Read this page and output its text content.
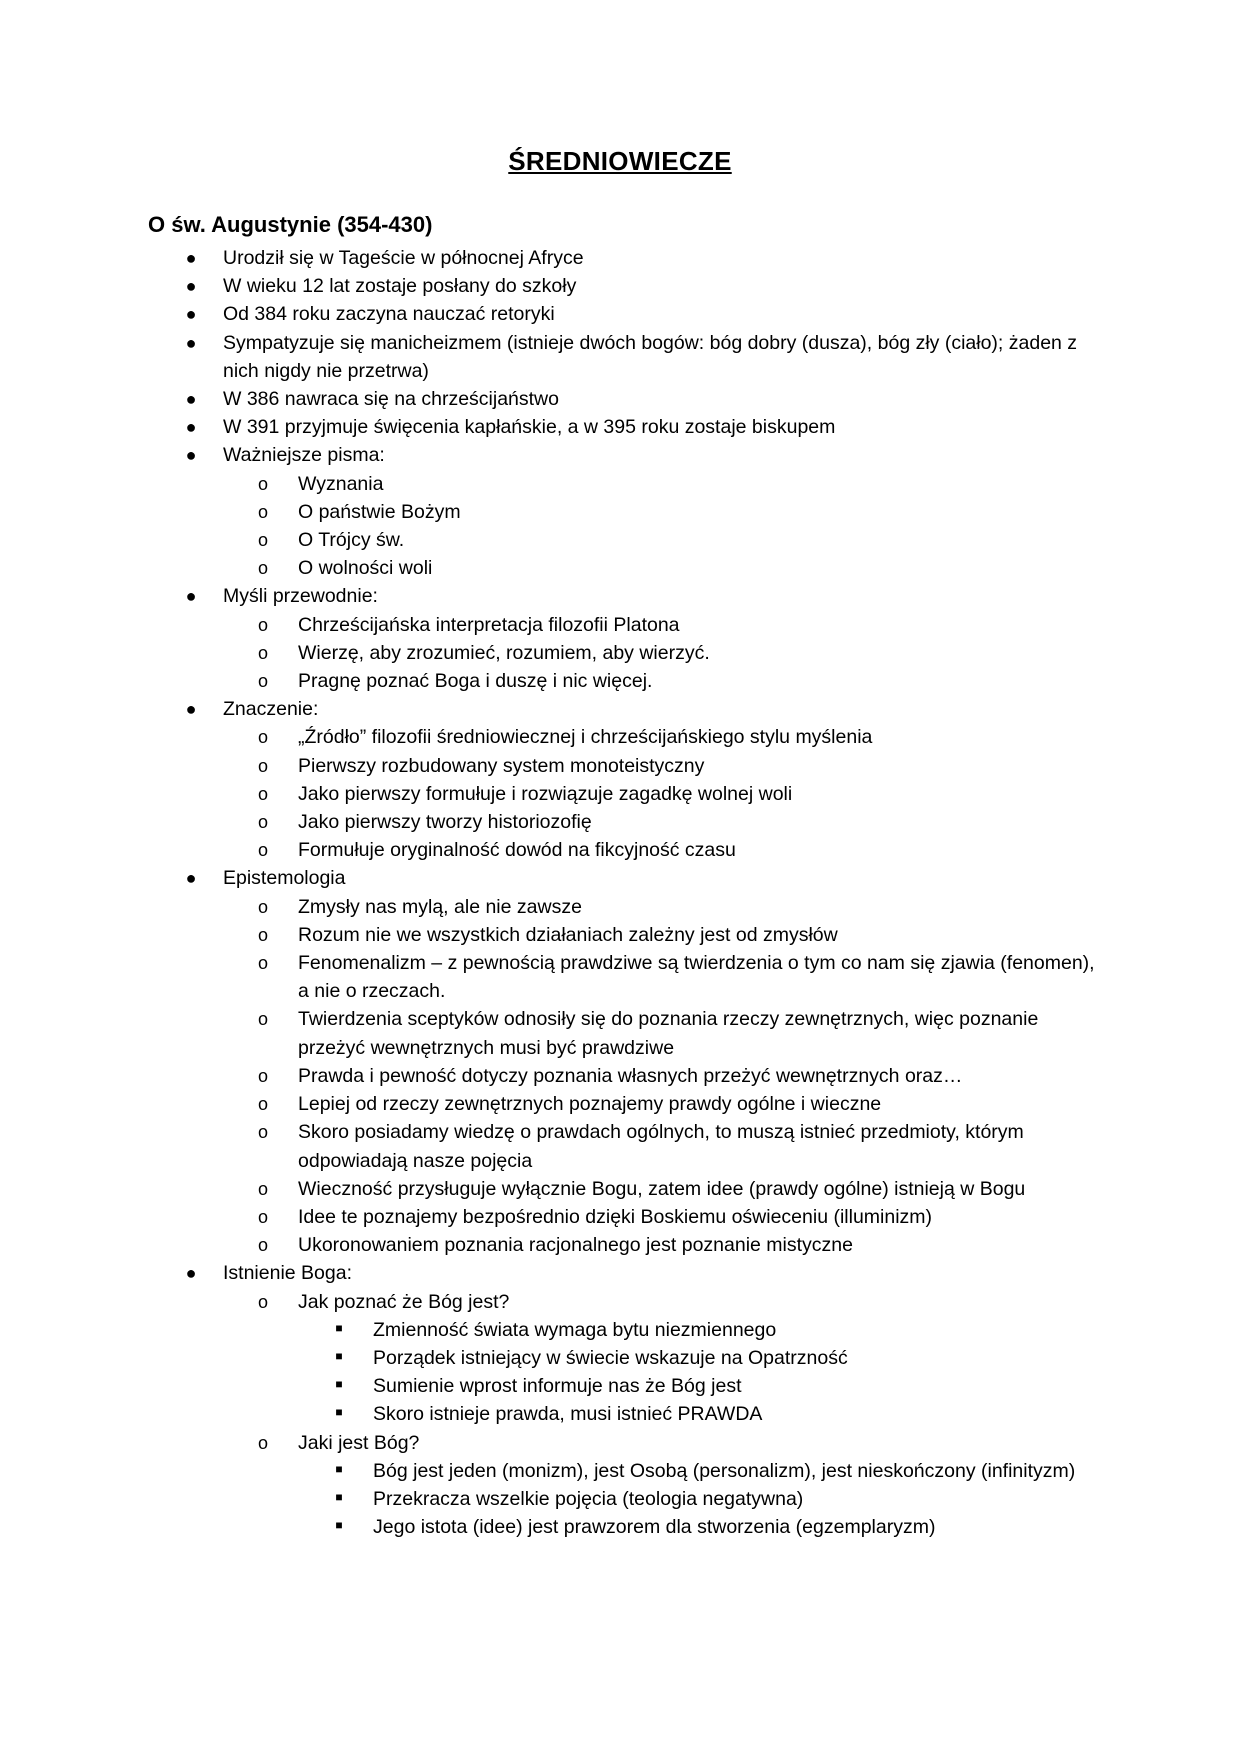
ŚREDNIOWIECZE
O św. Augustynie (354-430)
● Urodził się w Tageście w północnej Afryce
● W wieku 12 lat zostaje posłany do szkoły
● Od 384 roku zaczyna nauczać retoryki
● Sympatyzuje się manicheizmem (istnieje dwóch bogów: bóg dobry (dusza), bóg zły (ciało); żaden z nich nigdy nie przetrwa)
● W 386 nawraca się na chrześcijaństwo
● W 391 przyjmuje święcenia kapłańskie, a w 395 roku zostaje biskupem
● Ważniejsze pisma:
o	Wyznania
o	O państwie Bożym
o	O Trójcy św.
o	O wolności woli
● Myśli przewodnie:
o	Chrześcijańska interpretacja filozofii Platona
o	Wierzę, aby zrozumieć, rozumiem, aby wierzyć.
o	Pragnę poznać Boga i duszę i nic więcej.
● Znaczenie:
o	„Źródło” filozofii średniowiecznej i chrześcijańskiego stylu myślenia
o	Pierwszy rozbudowany system monoteistyczny
o	Jako pierwszy formułuje i rozwiązuje zagadkę wolnej woli
o	Jako pierwszy tworzy historiozofię
o	Formułuje oryginalność dowód na fikcyjność czasu
● Epistemologia
o	Zmysły nas mylą, ale nie zawsze
o	Rozum nie we wszystkich działaniach zależny jest od zmysłów
o	Fenomenalizm – z pewnością prawdziwe są twierdzenia o tym co nam się zjawia (fenomen), a nie o rzeczach.
o	Twierdzenia sceptyków odnosiły się do poznania rzeczy zewnętrznych, więc poznanie przeżyć wewnętrznych musi być prawdziwe
o	Prawda i pewność dotyczy poznania własnych przeżyć wewnętrznych oraz…
o	Lepiej od rzeczy zewnętrznych poznajemy prawdy ogólne i wieczne
o	Skoro posiadamy wiedzę o prawdach ogólnych, to muszą istnieć przedmioty, którym odpowiadają nasze pojęcia
o	Wieczność przysługuje wyłącznie Bogu, zatem idee (prawdy ogólne) istnieją w Bogu
o	Idee te poznajemy bezpośrednio dzięki Boskiemu oświeceniu (illuminizm)
o	Ukoronowaniem poznania racjonalnego jest poznanie mistyczne
● Istnienie Boga:
o	Jak poznać że Bóg jest?
■	Zmienność świata wymaga bytu niezmiennego
■	Porządek istniejący w świecie wskazuje na Opatrzność
■	Sumienie wprost informuje nas że Bóg jest
■	Skoro istnieje prawda, musi istnieć PRAWDA
o	Jaki jest Bóg?
■	Bóg jest jeden (monizm), jest Osobą (personalizm), jest nieskończony (infinityzm)
■	Przekracza wszelkie pojęcia (teologia negatywna)
■	Jego istota (idee) jest prawzorem dla stworzenia (egzemplaryzm)
